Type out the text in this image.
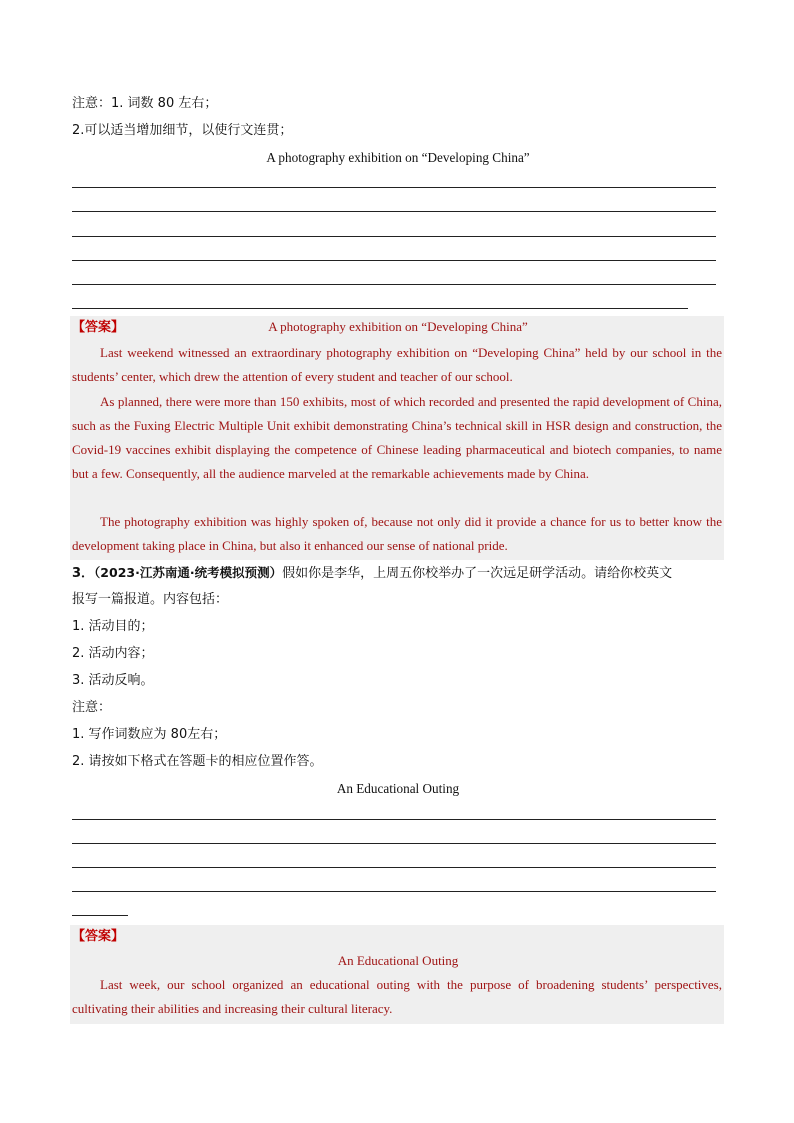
注意：1. 词数 80 左右；
2.可以适当增加细节，以使行文连贯；
A photography exhibition on “Developing China”
【答案】	A photography exhibition on “Developing China”
Last weekend witnessed an extraordinary photography exhibition on “Developing China” held by our school in the students’ center, which drew the attention of every student and teacher of our school.
As planned, there were more than 150 exhibits, most of which recorded and presented the rapid development of China, such as the Fuxing Electric Multiple Unit exhibit demonstrating China’s technical skill in HSR design and construction, the Covid-19 vaccines exhibit displaying the competence of Chinese leading pharmaceutical and biotech companies, to name but a few. Consequently, all the audience marveled at the remarkable achievements made by China.
The photography exhibition was highly spoken of, because not only did it provide a chance for us to better know the development taking place in China, but also it enhanced our sense of national pride.
3．（2023·江苏南通·统考模拟预测）假如你是李华，上周五你校举办了一次远足研学活动。请给你校英文
报写一篇报道。内容包括：
1. 活动目的；
2. 活动内容；
3. 活动反响。
注意：
1. 写作词数应为 80左右；
2. 请按如下格式在答题卡的相应位置作答。
An Educational Outing
【答案】
An Educational Outing
Last week, our school organized an educational outing with the purpose of broadening students’ perspectives, cultivating their abilities and increasing their cultural literacy.
